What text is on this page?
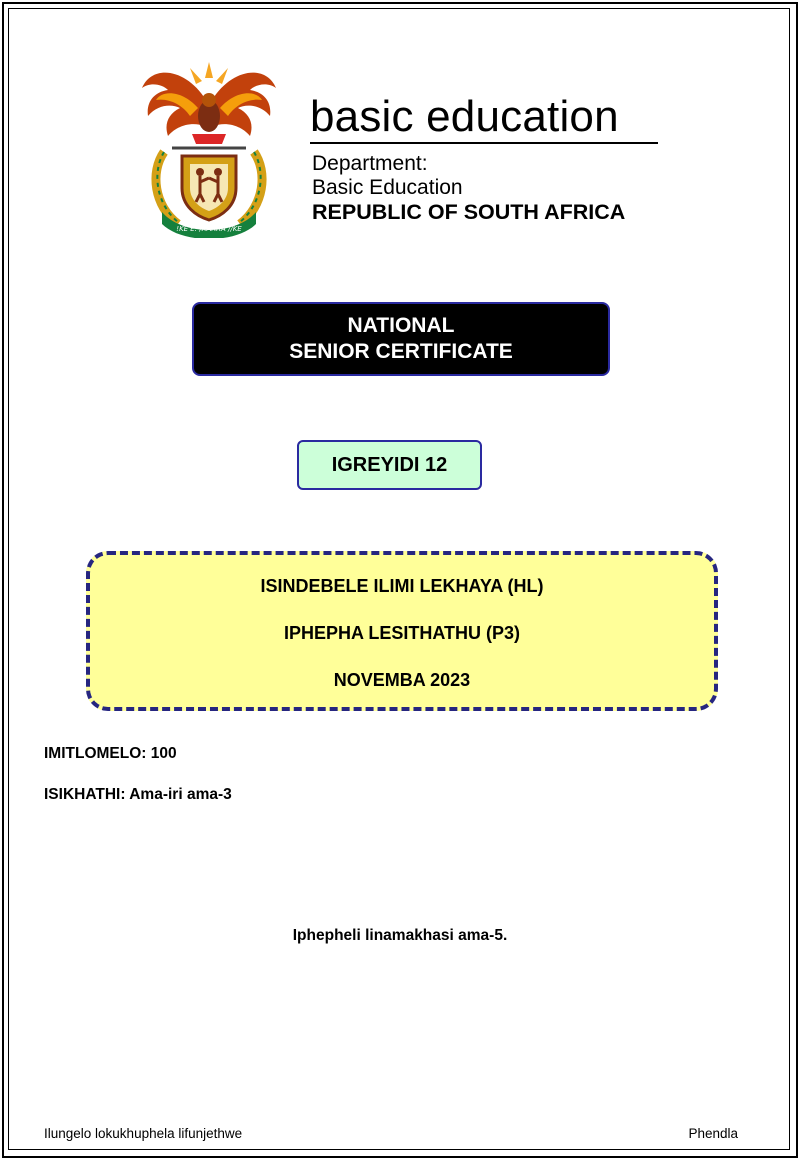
!KE E: /XARRA //KE
basic education
Department:
Basic Education
REPUBLIC OF SOUTH AFRICA
NATIONAL
SENIOR CERTIFICATE
IGREYIDI 12
ISINDEBELE ILIMI LEKHAYA (HL)
IPHEPHA LESITHATHU (P3)
NOVEMBA 2023
IMITLOMELO: 100
ISIKHATHI: Ama-iri ama-3
Iphepheli linamakhasi ama-5.
Ilungelo lokukhuphela lifunjethwe	Phendla
